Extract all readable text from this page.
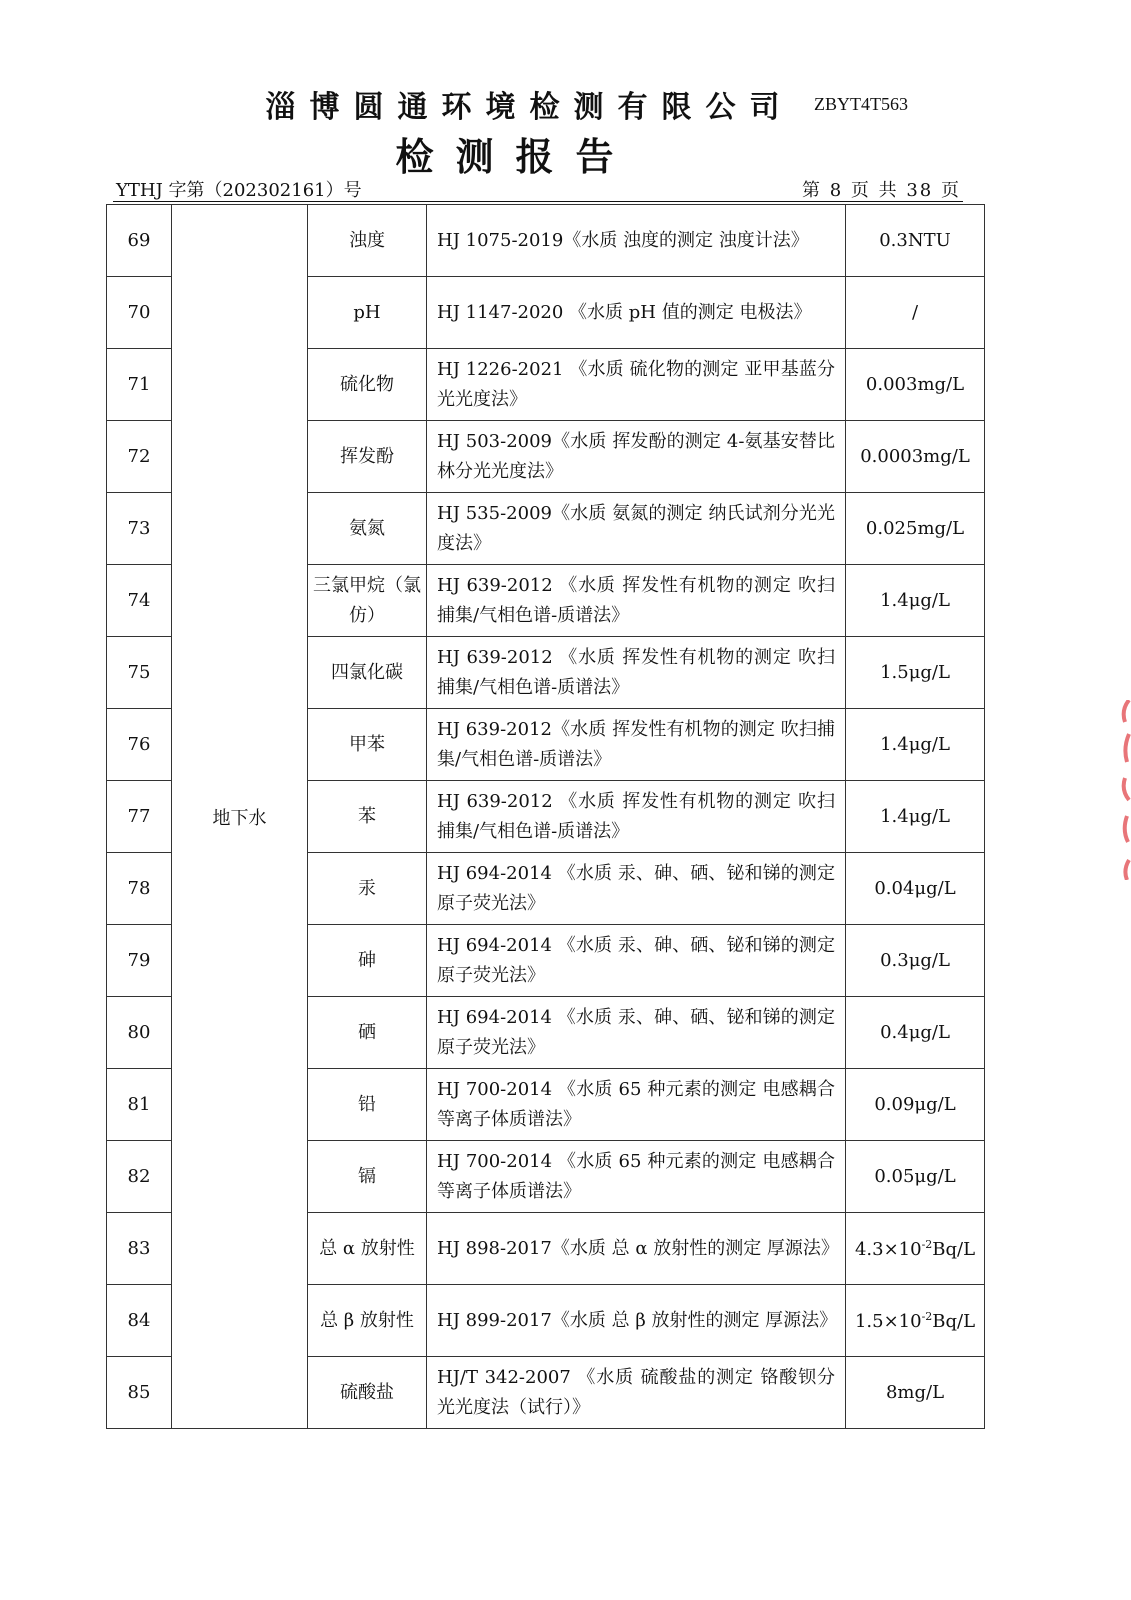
淄博圆通环境检测有限公司	ZBYT4T563
检测报告
YTHJ 字第（202302161）号	第 8 页 共 38 页
69	地下水	浊度	HJ 1075-2019《水质 浊度的测定 浊度计法》	0.3NTU
70		pH	HJ 1147-2020 《水质 pH 值的测定 电极法》	/
71		硫化物	HJ 1226-2021 《水质 硫化物的测定 亚甲基蓝分光光度法》	0.003mg/L
72		挥发酚	HJ 503-2009《水质 挥发酚的测定 4-氨基安替比林分光光度法》	0.0003mg/L
73		氨氮	HJ 535-2009《水质 氨氮的测定 纳氏试剂分光光度法》	0.025mg/L
74		三氯甲烷（氯仿）	HJ 639-2012 《水质 挥发性有机物的测定 吹扫捕集/气相色谱-质谱法》	1.4μg/L
75		四氯化碳	HJ 639-2012 《水质 挥发性有机物的测定 吹扫捕集/气相色谱-质谱法》	1.5μg/L
76		甲苯	HJ 639-2012《水质 挥发性有机物的测定 吹扫捕集/气相色谱-质谱法》	1.4μg/L
77		苯	HJ 639-2012 《水质 挥发性有机物的测定 吹扫捕集/气相色谱-质谱法》	1.4μg/L
78		汞	HJ 694-2014 《水质 汞、砷、硒、铋和锑的测定 原子荧光法》	0.04μg/L
79		砷	HJ 694-2014 《水质 汞、砷、硒、铋和锑的测定 原子荧光法》	0.3μg/L
80		硒	HJ 694-2014 《水质 汞、砷、硒、铋和锑的测定 原子荧光法》	0.4μg/L
81		铅	HJ 700-2014 《水质 65 种元素的测定 电感耦合等离子体质谱法》	0.09μg/L
82		镉	HJ 700-2014 《水质 65 种元素的测定 电感耦合等离子体质谱法》	0.05μg/L
83		总 α 放射性	HJ 898-2017《水质 总 α 放射性的测定 厚源法》	$4.3\times 10^{-2}Bq/L$
84		总 β 放射性	HJ 899-2017《水质 总 β 放射性的测定 厚源法》	$1.5\times 10^{-2}Bq/L$
85		硫酸盐	HJ/T 342-2007 《水质 硫酸盐的测定 铬酸钡分光光度法（试行）》	8mg/L
